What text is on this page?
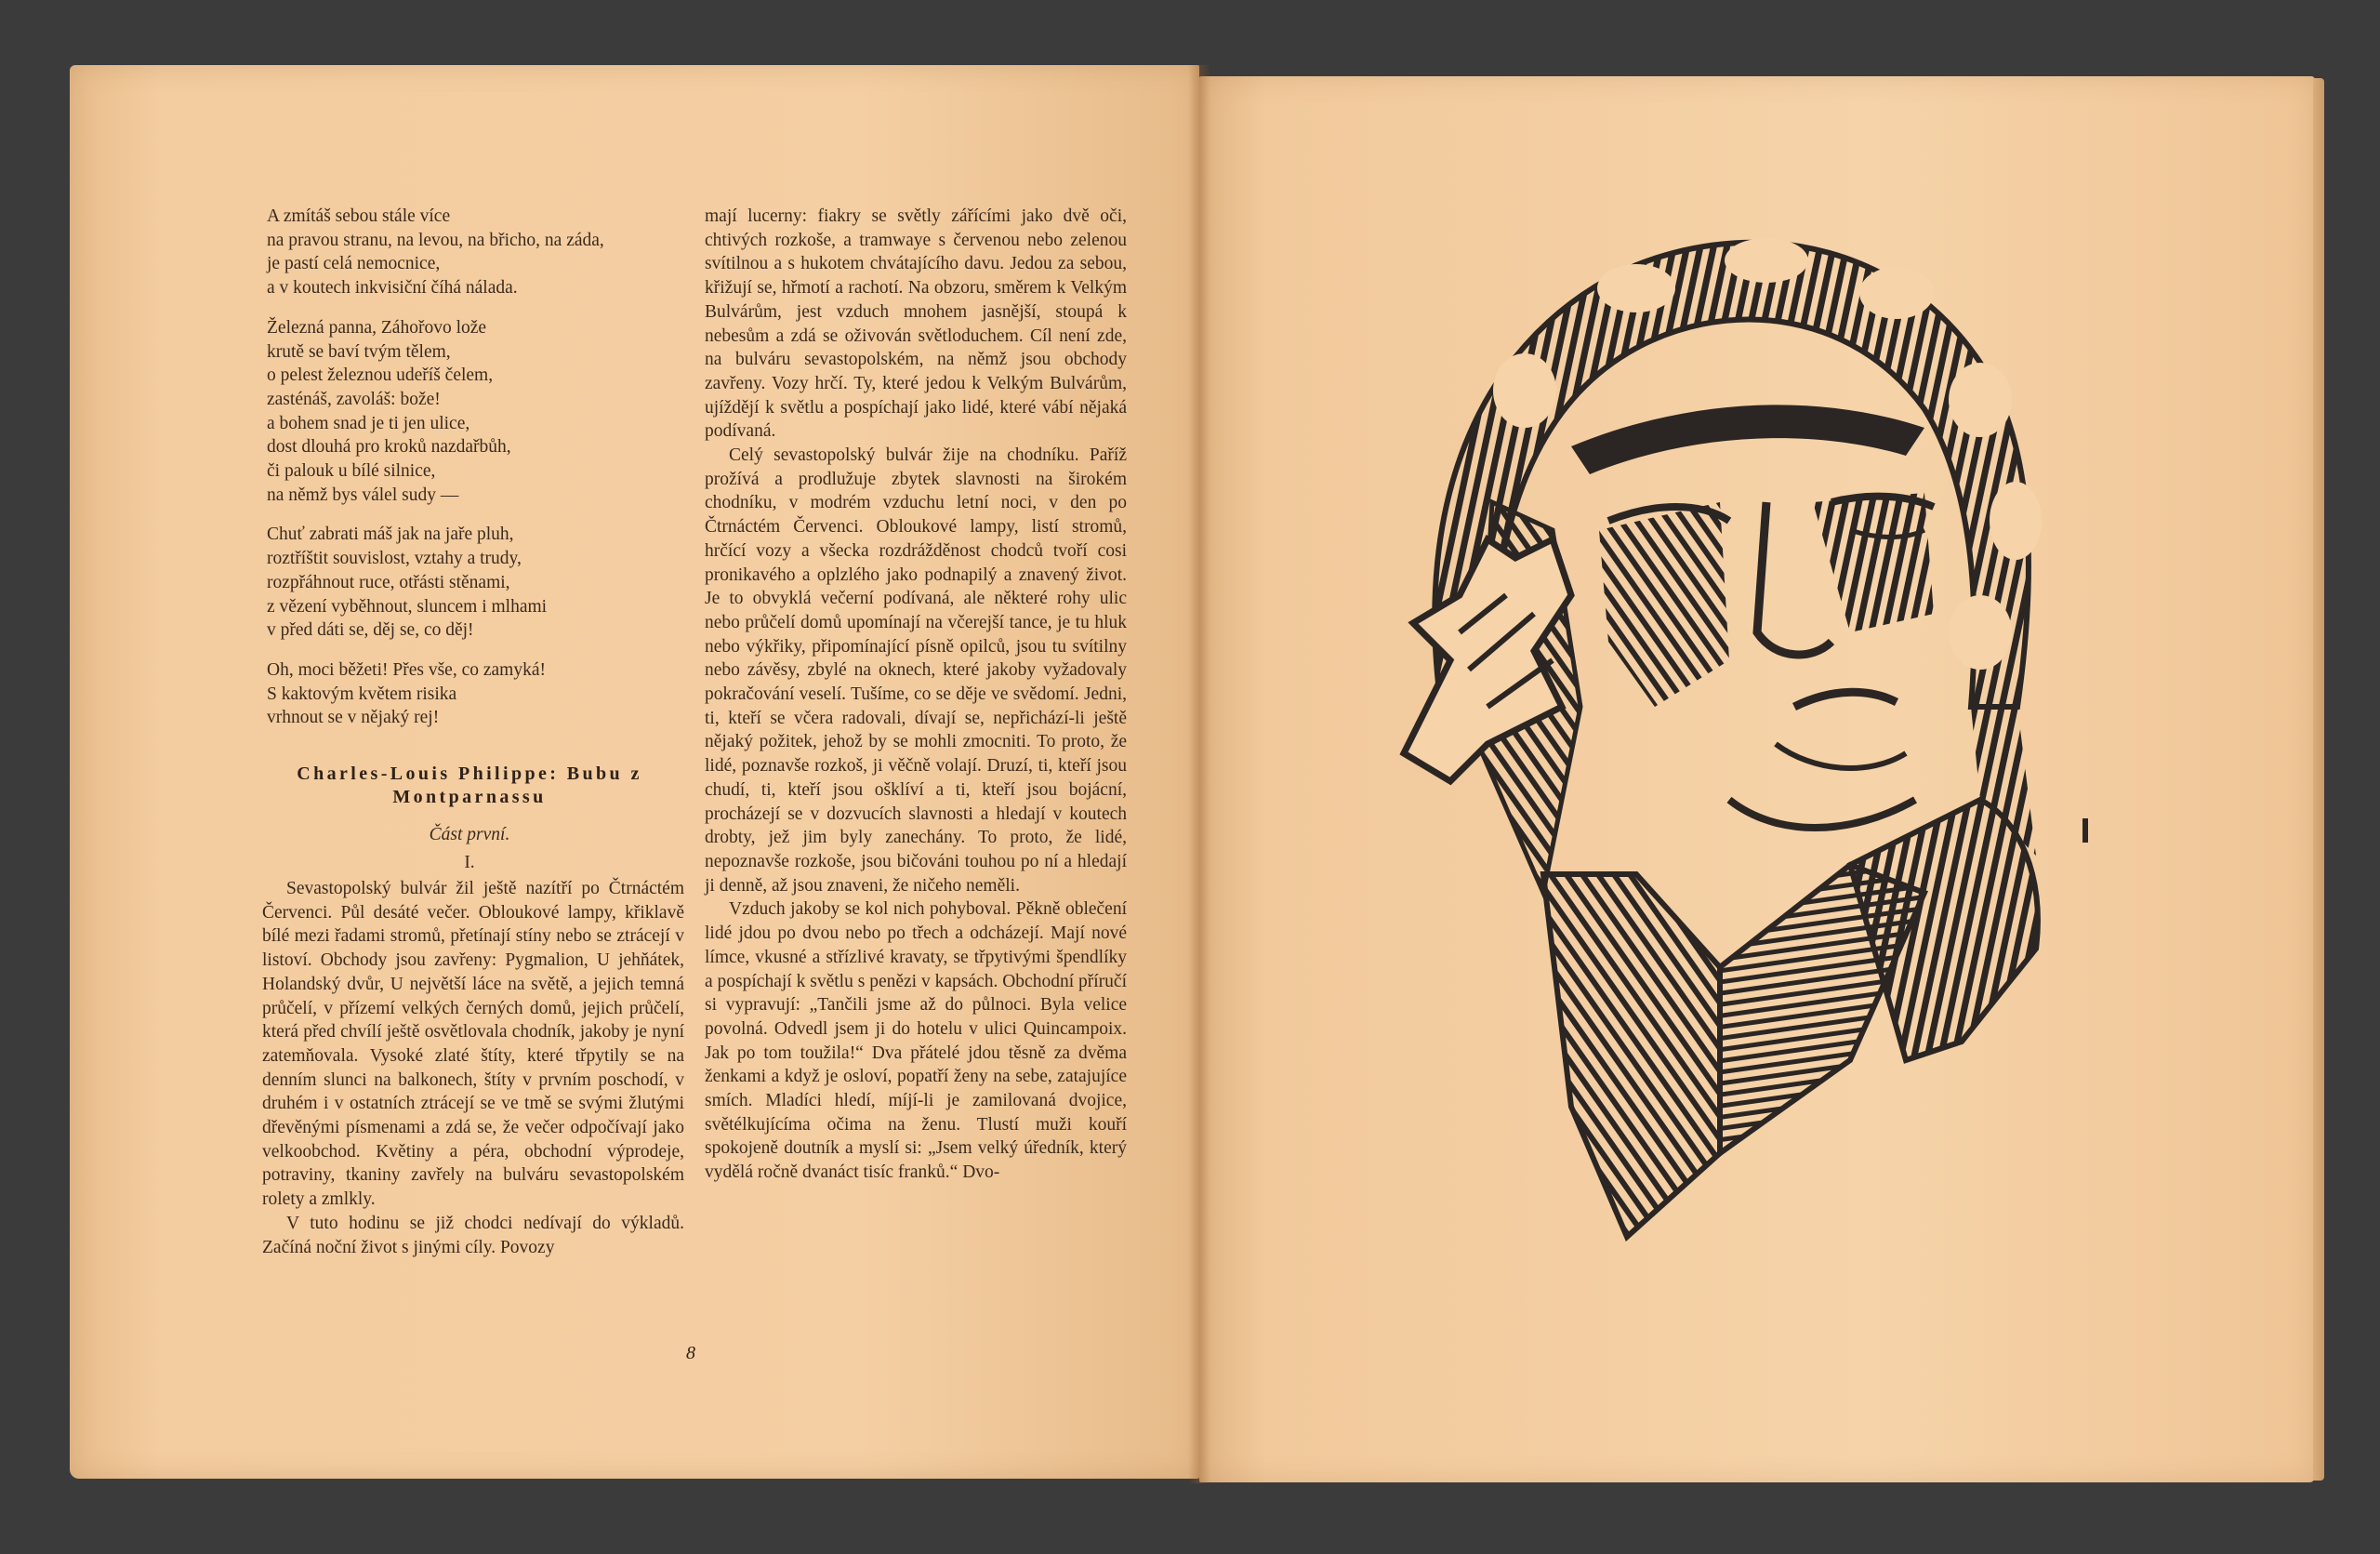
A zmítáš sebou stále více
na pravou stranu, na levou, na břicho, na záda,
je pastí celá nemocnice,
a v koutech inkvisiční číhá nálada.
Železná panna, Záhořovo lože
krutě se baví tvým tělem,
o pelest železnou udeříš čelem,
zasténáš, zavoláš: bože!
a bohem snad je ti jen ulice,
dost dlouhá pro kroků nazdařbůh,
či palouk u bílé silnice,
na němž bys válel sudy —
Chuť zabrati máš jak na jaře pluh,
roztříštit souvislost, vztahy a trudy,
rozpřáhnout ruce, otřásti stěnami,
z vězení vyběhnout, sluncem i mlhami
v před dáti se, děj se, co děj!
Oh, moci běžeti! Přes vše, co zamyká!
S kaktovým květem risika
vrhnout se v nějaký rej!
Charles-Louis Philippe: Bubu z Montparnassu
Část první.
I.

Sevastopolský bulvár žil ještě nazítří po Čtrnáctém Červenci. Půl desáté večer. Obloukové lampy, křiklavě bílé mezi řadami stromů, přetínají stíny nebo se ztrácejí v listoví. Obchody jsou zavřeny: Pygmalion, U jehňátek, Holandský dvůr, U největší láce na světě, a jejich temná průčelí, v přízemí velkých černých domů, jejich průčelí, která před chvílí ještě osvětlovala chodník, jakoby je nyní zatemňovala. Vysoké zlaté štíty, které třpytily se na denním slunci na balkonech, štíty v prvním poschodí, v druhém i v ostatních ztrácejí se ve tmě se svými žlutými dřevěnými písmenami a zdá se, že večer odpočívají jako velkoobchod. Květiny a péra, obchodní výprodeje, potraviny, tkaniny zavřely na bulváru sevastopolském rolety a zmlkly.

V tuto hodinu se již chodci nedívají do výkladů. Začíná noční život s jinými cíly. Povozy

mají lucerny: fiakry se světly zářícími jako dvě oči, chtivých rozkoše, a tramwaye s červenou nebo zelenou svítilnou a s hukotem chvátajícího davu. Jedou za sebou, křižují se, hřmotí a rachotí. Na obzoru, směrem k Velkým Bulvárům, jest vzduch mnohem jasnější, stoupá k nebesům a zdá se oživován světloduchem. Cíl není zde, na bulváru sevastopolském, na němž jsou obchody zavřeny. Vozy hrčí. Ty, které jedou k Velkým Bulvárům, ujíždějí k světlu a pospíchají jako lidé, které vábí nějaká podívaná.

Celý sevastopolský bulvár žije na chodníku. Paříž prožívá a prodlužuje zbytek slavnosti na širokém chodníku, v modrém vzduchu letní noci, v den po Čtrnáctém Červenci. Obloukové lampy, listí stromů, hrčící vozy a všecka rozdrážděnost chodců tvoří cosi pronikavého a oplzlého jako podnapilý a znavený život. Je to obvyklá večerní podívaná, ale některé rohy ulic nebo průčelí domů upomínají na včerejší tance, je tu hluk nebo výkřiky, připomínající písně opilců, jsou tu svítilny nebo závěsy, zbylé na oknech, které jakoby vyžadovaly pokračování veselí. Tušíme, co se děje ve svědomí. Jedni, ti, kteří se včera radovali, dívají se, nepřichází-li ještě nějaký požitek, jehož by se mohli zmocniti. To proto, že lidé, poznavše rozkoš, ji věčně volají. Druzí, ti, kteří jsou chudí, ti, kteří jsou ošklíví a ti, kteří jsou bojácní, procházejí se v dozvucích slavnosti a hledají v koutech drobty, jež jim byly zanechány. To proto, že lidé, nepoznavše rozkoše, jsou bičováni touhou po ní a hledají ji denně, až jsou znaveni, že ničeho neměli.

Vzduch jakoby se kol nich pohyboval. Pěkně oblečení lidé jdou po dvou nebo po třech a odcházejí. Mají nové límce, vkusné a střízlivé kravaty, se třpytivými špendlíky a pospíchají k světlu s penězi v kapsách. Obchodní příručí si vypravují: „Tančili jsme až do půlnoci. Byla velice povolná. Odvedl jsem ji do hotelu v ulici Quincampoix. Jak po tom toužila!“ Dva přátelé jdou těsně za dvěma ženkami a když je osloví, popatří ženy na sebe, zatajujíce smích. Mladíci hledí, míjí-li je zamilovaná dvojice, světélkujícíma očima na ženu. Tlustí muži kouří spokojeně doutník a myslí si: „Jsem velký úředník, který vydělá ročně dvanáct tisíc franků.“ Dvo-

8
